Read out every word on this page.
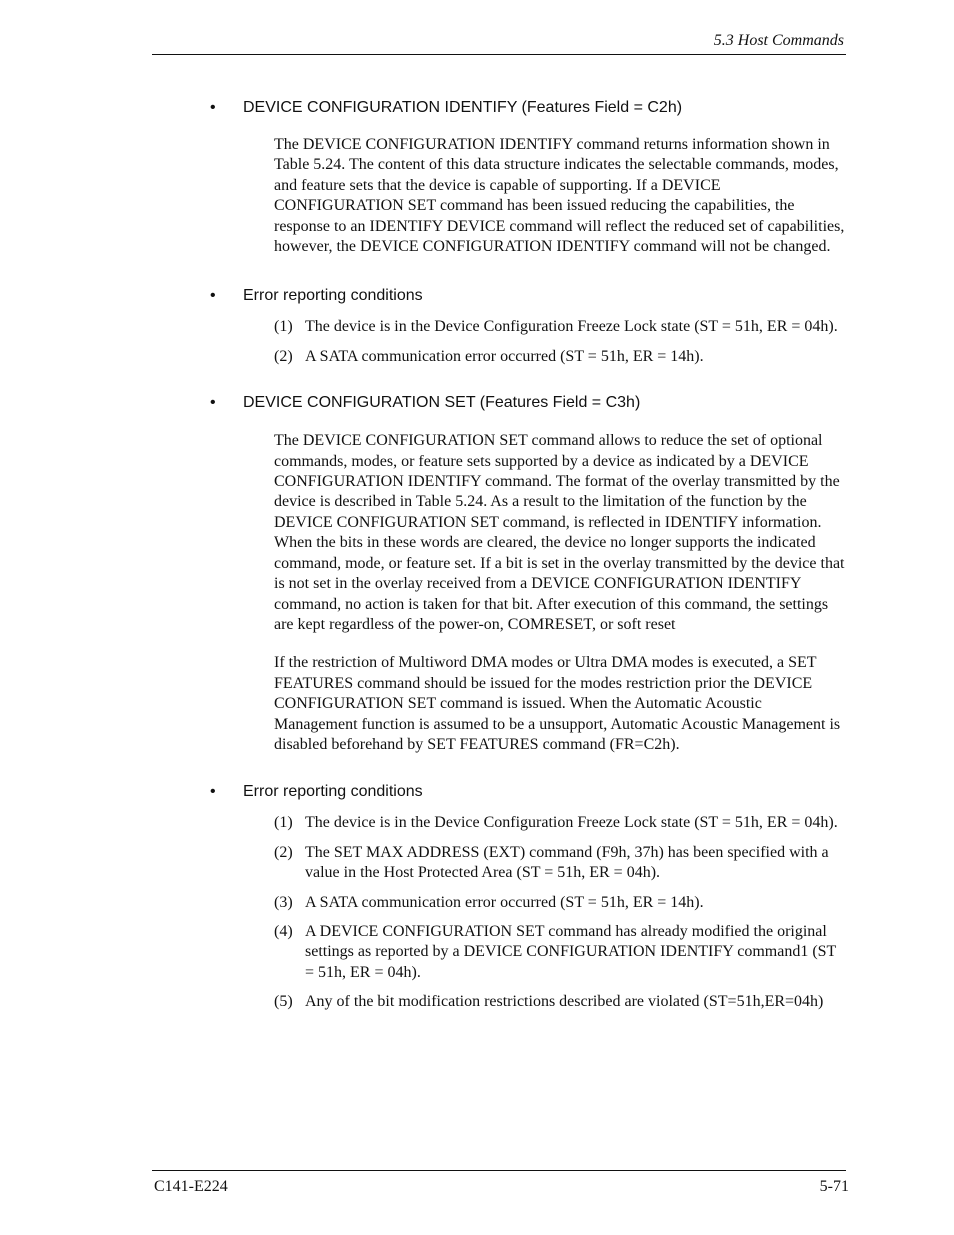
5.3 Host Commands
• DEVICE CONFIGURATION IDENTIFY (Features Field = C2h)
The DEVICE CONFIGURATION IDENTIFY command returns information shown in Table 5.24. The content of this data structure indicates the selectable commands, modes, and feature sets that the device is capable of supporting. If a DEVICE CONFIGURATION SET command has been issued reducing the capabilities, the response to an IDENTIFY DEVICE command will reflect the reduced set of capabilities, however, the DEVICE CONFIGURATION IDENTIFY command will not be changed.
• Error reporting conditions
(1) The device is in the Device Configuration Freeze Lock state (ST = 51h, ER = 04h).
(2) A SATA communication error occurred (ST = 51h, ER = 14h).
• DEVICE CONFIGURATION SET (Features Field = C3h)
The DEVICE CONFIGURATION SET command allows to reduce the set of optional commands, modes, or feature sets supported by a device as indicated by a DEVICE CONFIGURATION IDENTIFY command. The format of the overlay transmitted by the device is described in Table 5.24. As a result to the limitation of the function by the DEVICE CONFIGURATION SET command, is reflected in IDENTIFY information. When the bits in these words are cleared, the device no longer supports the indicated command, mode, or feature set. If a bit is set in the overlay transmitted by the device that is not set in the overlay received from a DEVICE CONFIGURATION IDENTIFY command, no action is taken for that bit. After execution of this command, the settings are kept regardless of the power-on, COMRESET, or soft reset
If the restriction of Multiword DMA modes or Ultra DMA modes is executed, a SET FEATURES command should be issued for the modes restriction prior the DEVICE CONFIGURATION SET command is issued. When the Automatic Acoustic Management function is assumed to be a unsupport, Automatic Acoustic Management is disabled beforehand by SET FEATURES command (FR=C2h).
• Error reporting conditions
(1) The device is in the Device Configuration Freeze Lock state (ST = 51h, ER = 04h).
(2) The SET MAX ADDRESS (EXT) command (F9h, 37h) has been specified with a value in the Host Protected Area (ST = 51h, ER = 04h).
(3) A SATA communication error occurred (ST = 51h, ER = 14h).
(4) A DEVICE CONFIGURATION SET command has already modified the original settings as reported by a DEVICE CONFIGURATION IDENTIFY command1 (ST = 51h, ER = 04h).
(5) Any of the bit modification restrictions described are violated (ST=51h,ER=04h)
C141-E224	5-71
